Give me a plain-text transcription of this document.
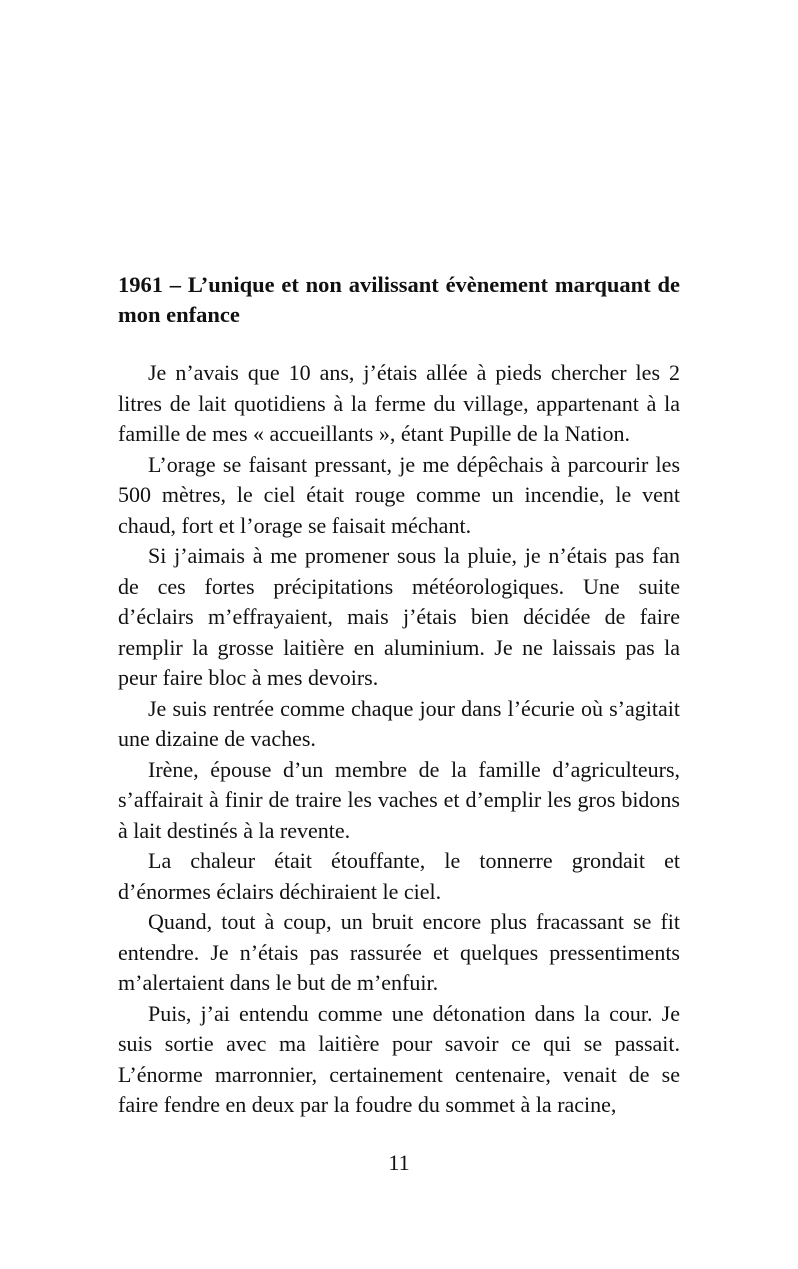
1961 – L’unique et non avilissant évènement marquant de mon enfance

Je n’avais que 10 ans, j’étais allée à pieds chercher les 2 litres de lait quotidiens à la ferme du village, appartenant à la famille de mes « accueillants », étant Pupille de la Nation.

L’orage se faisant pressant, je me dépêchais à parcourir les 500 mètres, le ciel était rouge comme un incendie, le vent chaud, fort et l’orage se faisait méchant.

Si j’aimais à me promener sous la pluie, je n’étais pas fan de ces fortes précipitations météorologiques. Une suite d’éclairs m’effrayaient, mais j’étais bien décidée de faire remplir la grosse laitière en aluminium. Je ne laissais pas la peur faire bloc à mes devoirs.

Je suis rentrée comme chaque jour dans l’écurie où s’agitait une dizaine de vaches.

Irène, épouse d’un membre de la famille d’agriculteurs, s’affairait à finir de traire les vaches et d’emplir les gros bidons à lait destinés à la revente.

La chaleur était étouffante, le tonnerre grondait et d’énormes éclairs déchiraient le ciel.

Quand, tout à coup, un bruit encore plus fracassant se fit entendre. Je n’étais pas rassurée et quelques pressentiments m’alertaient dans le but de m’enfuir.

Puis, j’ai entendu comme une détonation dans la cour. Je suis sortie avec ma laitière pour savoir ce qui se passait. L’énorme marronnier, certainement centenaire, venait de se faire fendre en deux par la foudre du sommet à la racine,

11
